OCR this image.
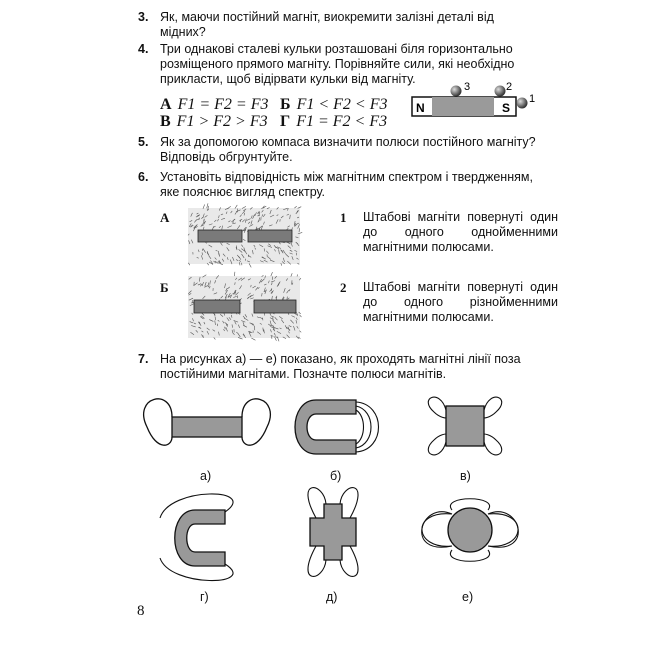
3. Як, маючи постійний магніт, виокремити залізні деталі від мідних?
4. Три однакові сталеві кульки розташовані біля горизонтально розміщеного прямого магніту. Порівняйте сили, які необхідно прикласти, щоб відірвати кульки від магніту.
А F1 = F2 = F3 Б F1 < F2 < F3
В F1 > F2 > F3 Г F1 = F2 < F3
N	S
3	2
1
5. Як за допомогою компаса визначити полюси постійного магніту? Відповідь обгрунтуйте.
6. Установіть відповідність між магнітним спектром і твердженням, яке пояснює вигляд спектру.
А
Б
1 Штабові магніти повернуті один до одного однойменними магнітними полюсами.
2 Штабові магніти повернуті один до одного різнойменними магнітними полюсами.
7. На рисунках а) — е) показано, як проходять магнітні лінії поза постійними магнітами. Позначте полюси магнітів.
а)	б)	в)
г)	д)	е)
8
